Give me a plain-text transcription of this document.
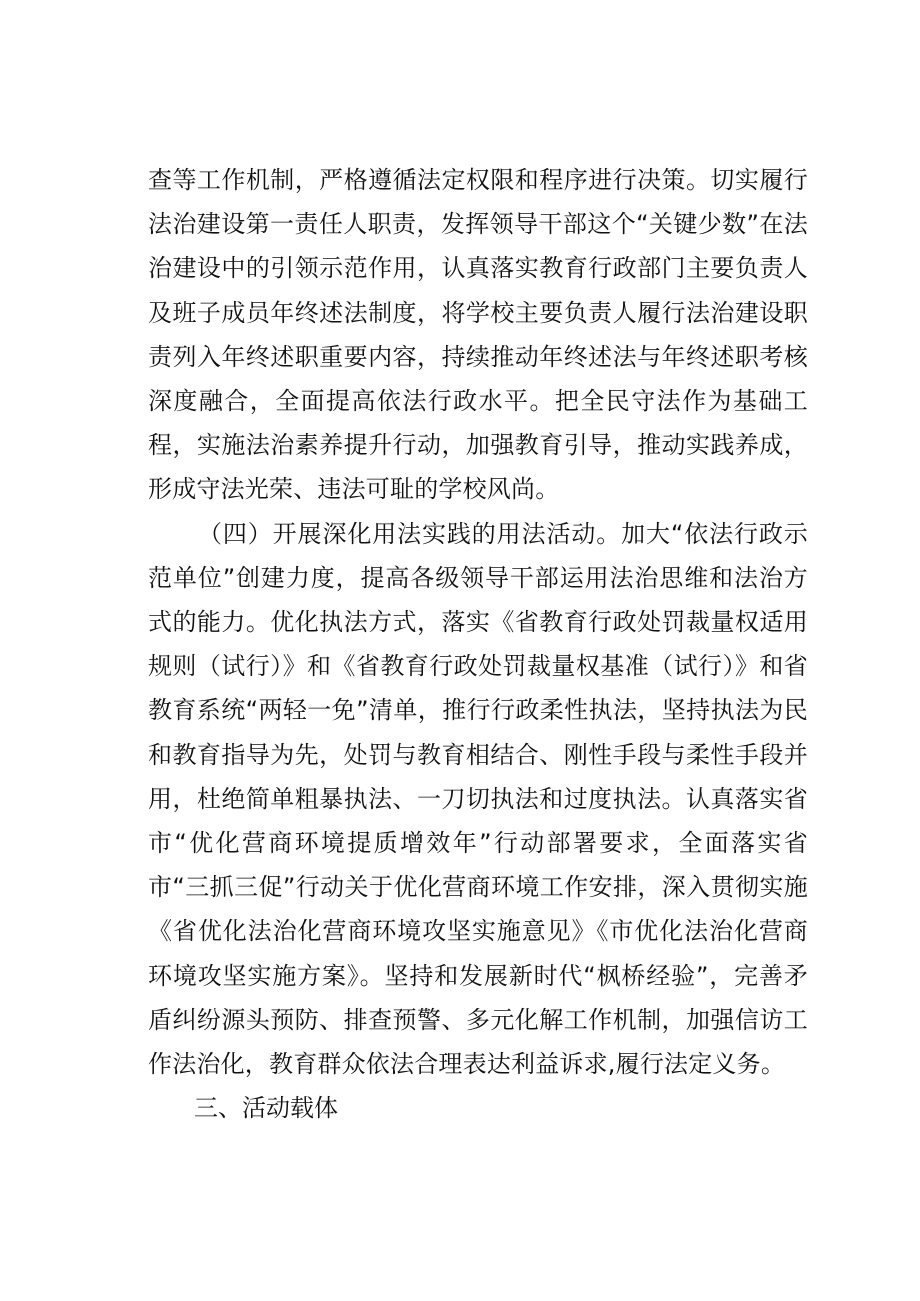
查等工作机制，严格遵循法定权限和程序进行决策。切实履行法治建设第一责任人职责，发挥领导干部这个“关键少数”在法治建设中的引领示范作用，认真落实教育行政部门主要负责人及班子成员年终述法制度，将学校主要负责人履行法治建设职责列入年终述职重要内容，持续推动年终述法与年终述职考核深度融合，全面提高依法行政水平。把全民守法作为基础工程，实施法治素养提升行动，加强教育引导，推动实践养成，形成守法光荣、违法可耻的学校风尚。

（四）开展深化用法实践的用法活动。加大“依法行政示范单位”创建力度，提高各级领导干部运用法治思维和法治方式的能力。优化执法方式，落实《省教育行政处罚裁量权适用规则（试行）》和《省教育行政处罚裁量权基准（试行）》和省教育系统“两轻一免”清单，推行行政柔性执法，坚持执法为民和教育指导为先，处罚与教育相结合、刚性手段与柔性手段并用，杜绝简单粗暴执法、一刀切执法和过度执法。认真落实省市“优化营商环境提质增效年”行动部署要求，全面落实省市“三抓三促”行动关于优化营商环境工作安排，深入贯彻实施《省优化法治化营商环境攻坚实施意见》《市优化法治化营商环境攻坚实施方案》。坚持和发展新时代“枫桥经验”，完善矛盾纠纷源头预防、排查预警、多元化解工作机制，加强信访工作法治化，教育群众依法合理表达利益诉求,履行法定义务。

三、活动载体
